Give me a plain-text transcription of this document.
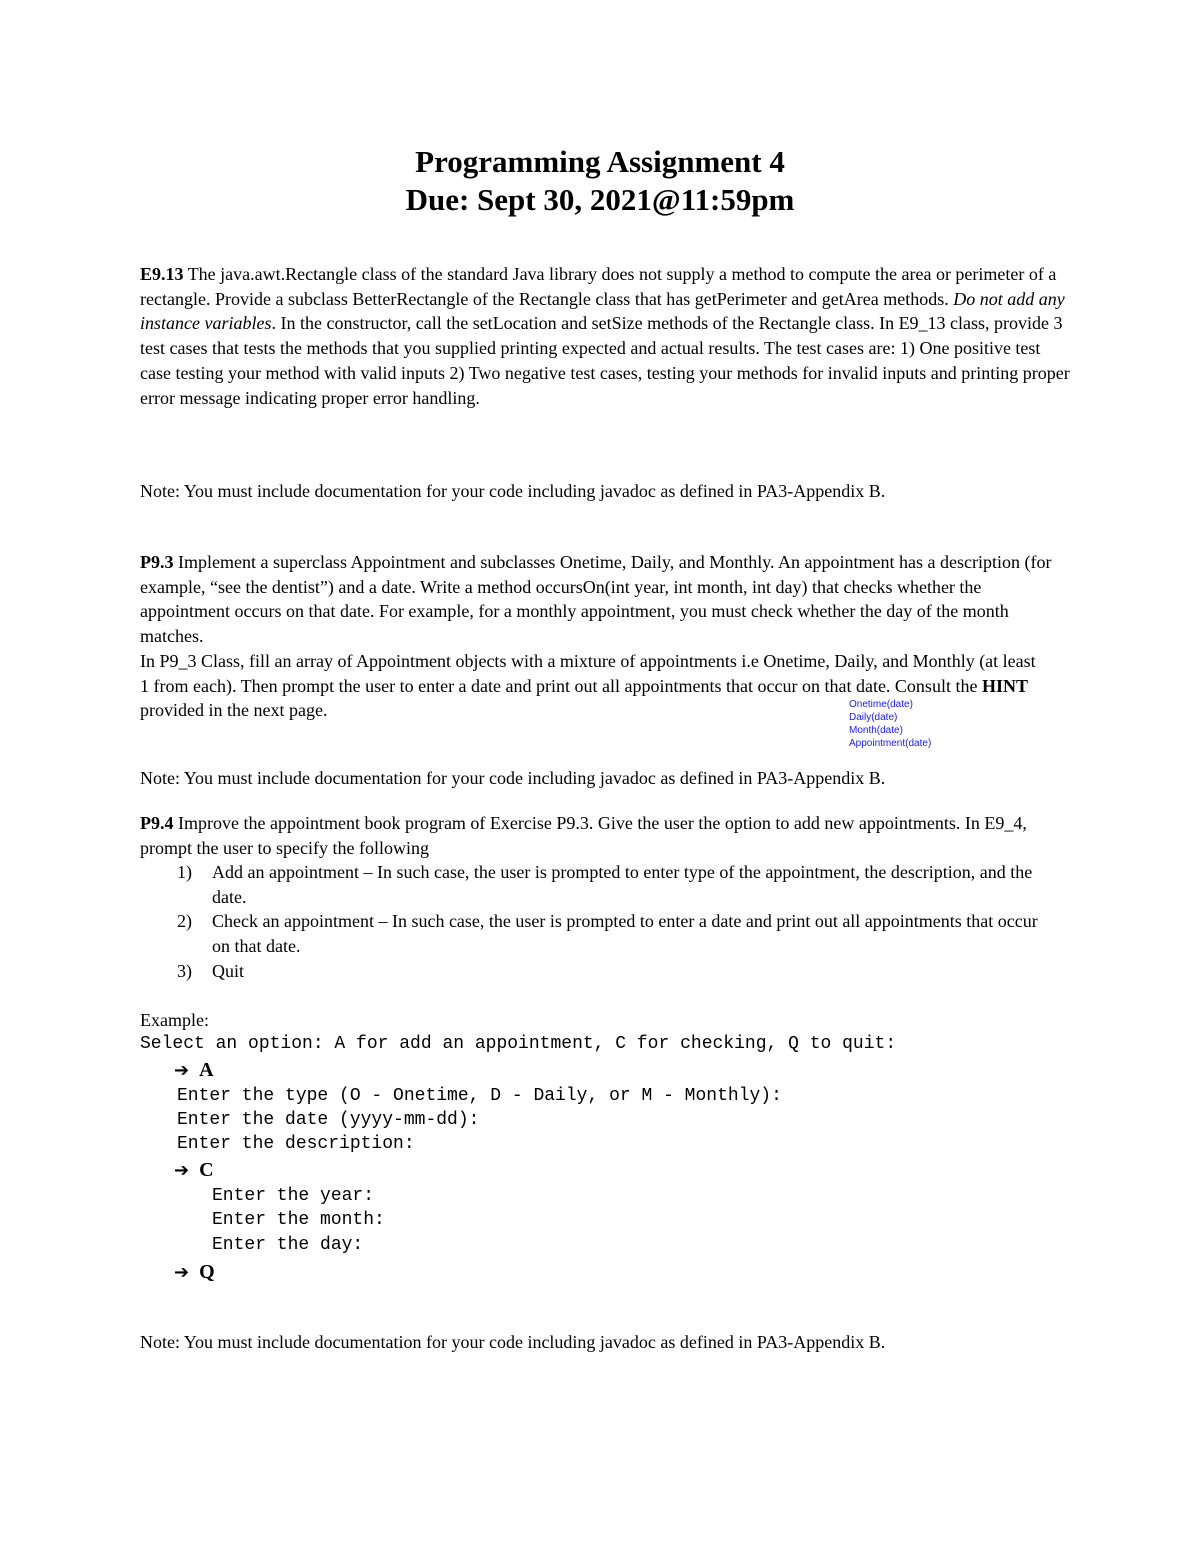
Programming Assignment 4
Due: Sept 30, 2021@11:59pm
E9.13 The java.awt.Rectangle class of the standard Java library does not supply a method to compute the area or perimeter of a rectangle. Provide a subclass BetterRectangle of the Rectangle class that has getPerimeter and getArea methods. Do not add any instance variables. In the constructor, call the setLocation and setSize methods of the Rectangle class. In E9_13 class, provide 3 test cases that tests the methods that you supplied printing expected and actual results. The test cases are: 1) One positive test case testing your method with valid inputs 2) Two negative test cases, testing your methods for invalid inputs and printing proper error message indicating proper error handling.
Note: You must include documentation for your code including javadoc as defined in PA3-Appendix B.
P9.3 Implement a superclass Appointment and subclasses Onetime, Daily, and Monthly. An appointment has a description (for example, “see the dentist”) and a date. Write a method occursOn(int year, int month, int day) that checks whether the appointment occurs on that date. For example, for a monthly appointment, you must check whether the day of the month matches.
In P9_3 Class, fill an array of Appointment objects with a mixture of appointments i.e Onetime, Daily, and Monthly (at least 1 from each). Then prompt the user to enter a date and print out all appointments that occur on that date. Consult the HINT provided in the next page.	Onetime(date)
Daily(date)
Month(date)
Appointment(date)
Note: You must include documentation for your code including javadoc as defined in PA3-Appendix B.
P9.4 Improve the appointment book program of Exercise P9.3. Give the user the option to add new appointments. In E9_4, prompt the user to specify the following
1) Add an appointment – In such case, the user is prompted to enter type of the appointment, the description, and the date.
2) Check an appointment – In such case, the user is prompted to enter a date and print out all appointments that occur on that date.
3) Quit
Example:
Select an option: A for add an appointment, C for checking, Q to quit:
➔ A
Enter the type (O - Onetime, D - Daily, or M - Monthly):
Enter the date (yyyy-mm-dd):
Enter the description:
➔ C
Enter the year:
Enter the month:
Enter the day:
➔ Q
Note: You must include documentation for your code including javadoc as defined in PA3-Appendix B.
